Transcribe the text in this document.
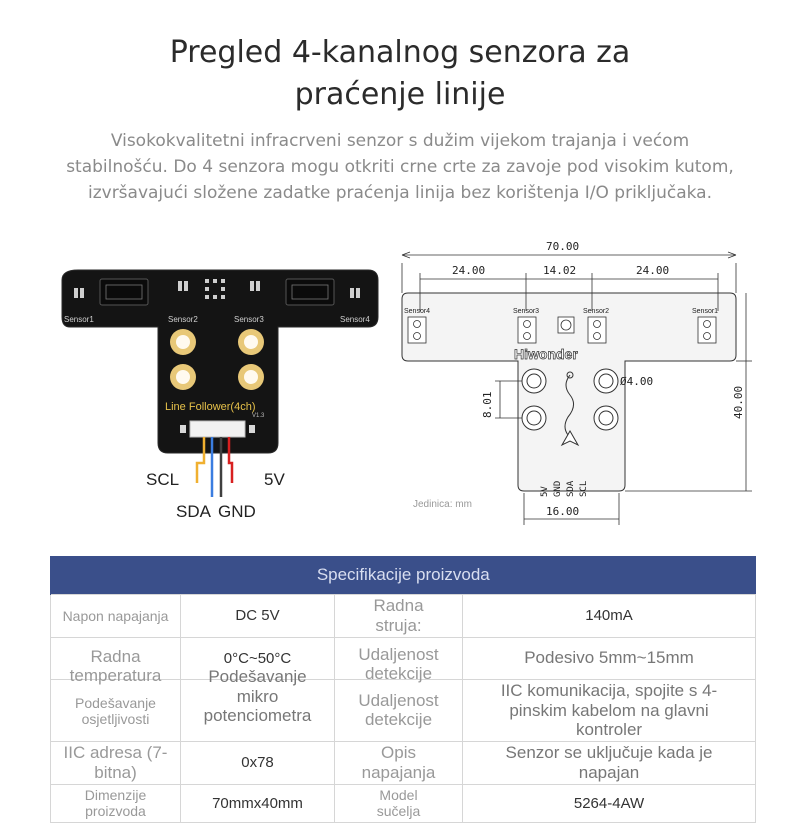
Pregled 4-kanalnog senzora za
praćenje linije
Visokokvalitetni infracrveni senzor s dužim vijekom trajanja i većom
stabilnošću. Do 4 senzora mogu otkriti crne crte za zavoje pod visokim kutom,
izvršavajući složene zadatke praćenja linija bez korištenja I/O priključaka.
Sensor1	Sensor2	Sensor3	Sensor4
Line Follower(4ch)
V1.3
SCL	5V
SDA GND
70.00
24.00	14.02	24.00
Sensor4	Sensor3	Sensor2	Sensor1
Hiwonder
Ø4.00
8.01	40.00
5V GND SDA SCL
16.00
Jedinica: mm
Specifikacije proizvoda			
Napon napajanja	DC 5V	Radna struja:	140mA
Radna temperatura	0°C~50°C	Udaljenost detekcije	Podesivo 5mm~15mm
Podešavanje osjetljivosti	Podešavanje mikro potenciometra	Udaljenost detekcije	IIC komunikacija, spojite s 4-pinskim kabelom na glavni kontroler
IIC adresa (7-bitna)	0x78	Opis napajanja	Senzor se uključuje kada je napajan
Dimenzije proizvoda	70mmx40mm	Model sučelja	5264-4AW
